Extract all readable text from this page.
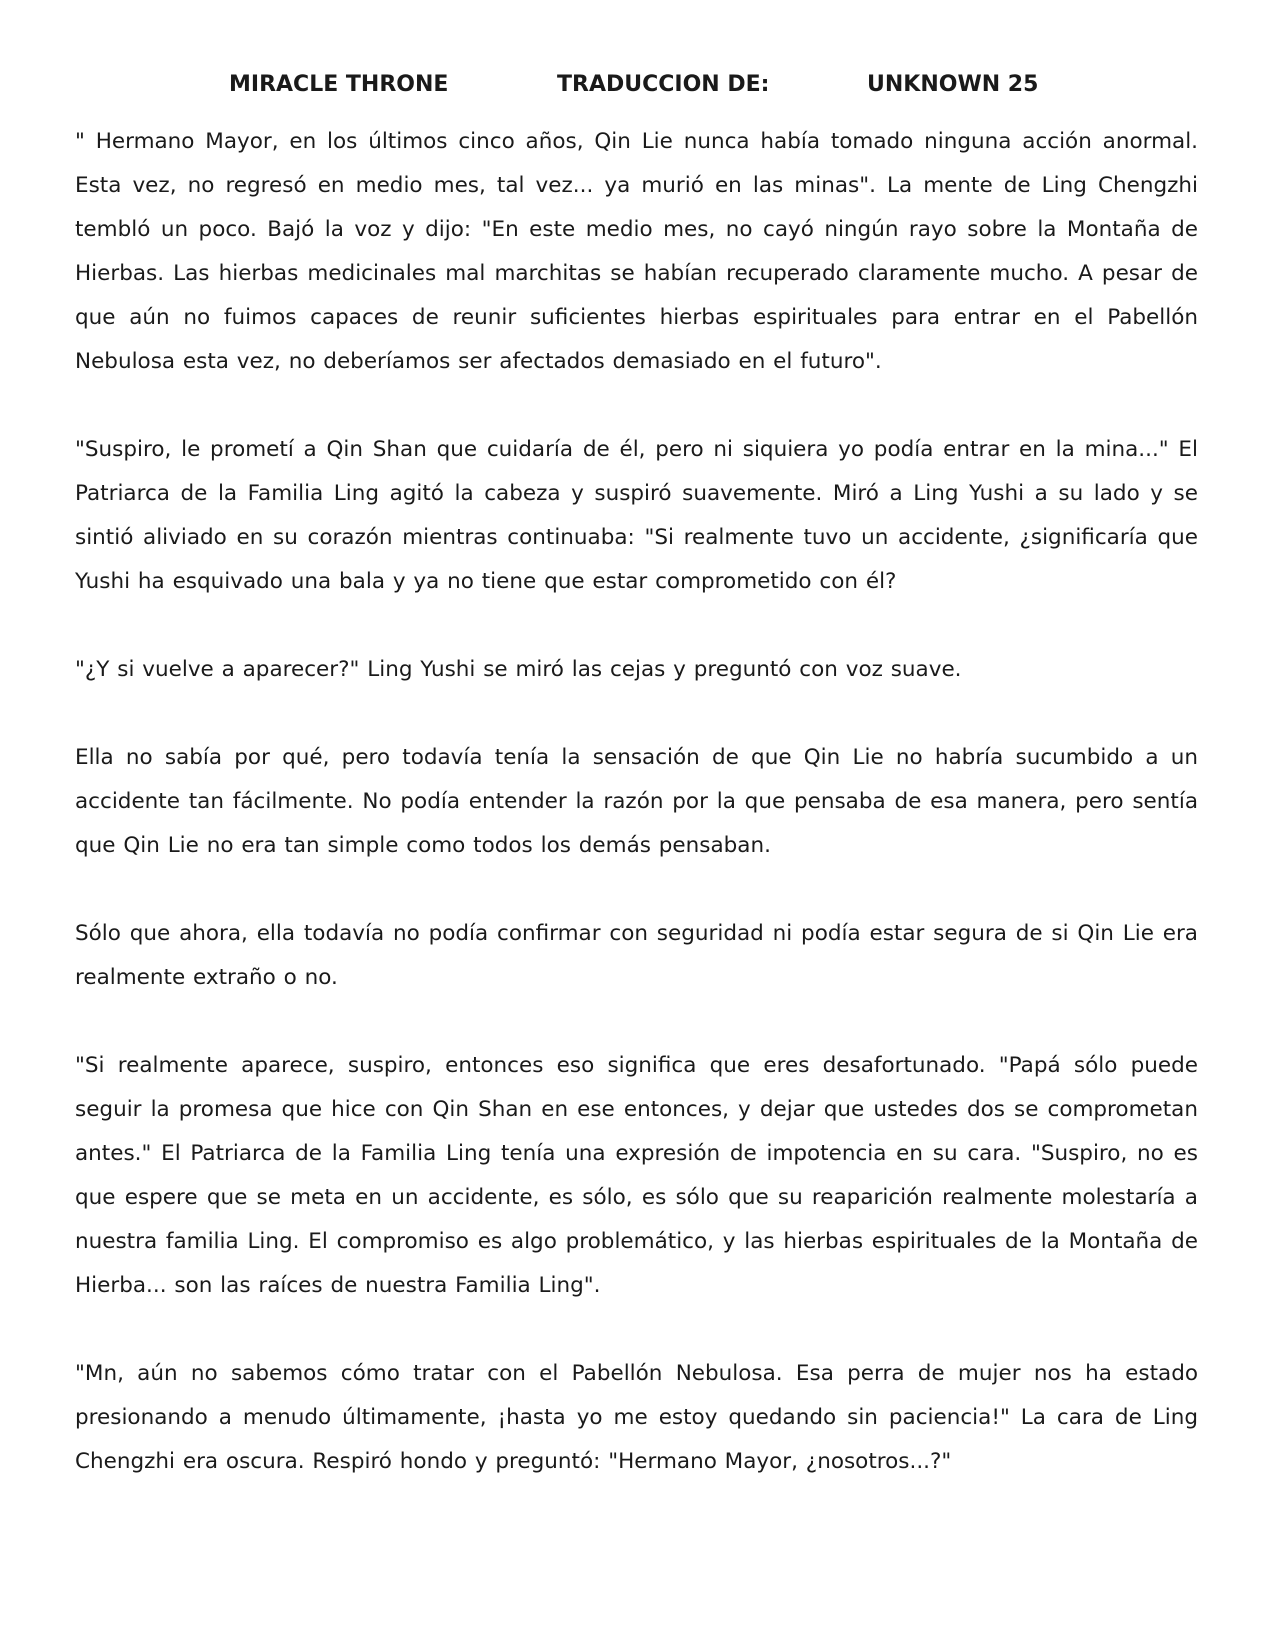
MIRACLE THRONE	TRADUCCION DE:	UNKNOWN 25

" Hermano Mayor, en los últimos cinco años, Qin Lie nunca había tomado ninguna acción anormal. Esta vez, no regresó en medio mes, tal vez... ya murió en las minas". La mente de Ling Chengzhi tembló un poco. Bajó la voz y dijo: "En este medio mes, no cayó ningún rayo sobre la Montaña de Hierbas. Las hierbas medicinales mal marchitas se habían recuperado claramente mucho. A pesar de que aún no fuimos capaces de reunir suficientes hierbas espirituales para entrar en el Pabellón Nebulosa esta vez, no deberíamos ser afectados demasiado en el futuro".

"Suspiro, le prometí a Qin Shan que cuidaría de él, pero ni siquiera yo podía entrar en la mina..." El Patriarca de la Familia Ling agitó la cabeza y suspiró suavemente. Miró a Ling Yushi a su lado y se sintió aliviado en su corazón mientras continuaba: "Si realmente tuvo un accidente, ¿significaría que Yushi ha esquivado una bala y ya no tiene que estar comprometido con él?

"¿Y si vuelve a aparecer?" Ling Yushi se miró las cejas y preguntó con voz suave.

Ella no sabía por qué, pero todavía tenía la sensación de que Qin Lie no habría sucumbido a un accidente tan fácilmente. No podía entender la razón por la que pensaba de esa manera, pero sentía que Qin Lie no era tan simple como todos los demás pensaban.

Sólo que ahora, ella todavía no podía confirmar con seguridad ni podía estar segura de si Qin Lie era realmente extraño o no.

"Si realmente aparece, suspiro, entonces eso significa que eres desafortunado. "Papá sólo puede seguir la promesa que hice con Qin Shan en ese entonces, y dejar que ustedes dos se comprometan antes." El Patriarca de la Familia Ling tenía una expresión de impotencia en su cara. "Suspiro, no es que espere que se meta en un accidente, es sólo, es sólo que su reaparición realmente molestaría a nuestra familia Ling. El compromiso es algo problemático, y las hierbas espirituales de la Montaña de Hierba... son las raíces de nuestra Familia Ling".

"Mn, aún no sabemos cómo tratar con el Pabellón Nebulosa. Esa perra de mujer nos ha estado presionando a menudo últimamente, ¡hasta yo me estoy quedando sin paciencia!" La cara de Ling Chengzhi era oscura. Respiró hondo y preguntó: "Hermano Mayor, ¿nosotros...?"
